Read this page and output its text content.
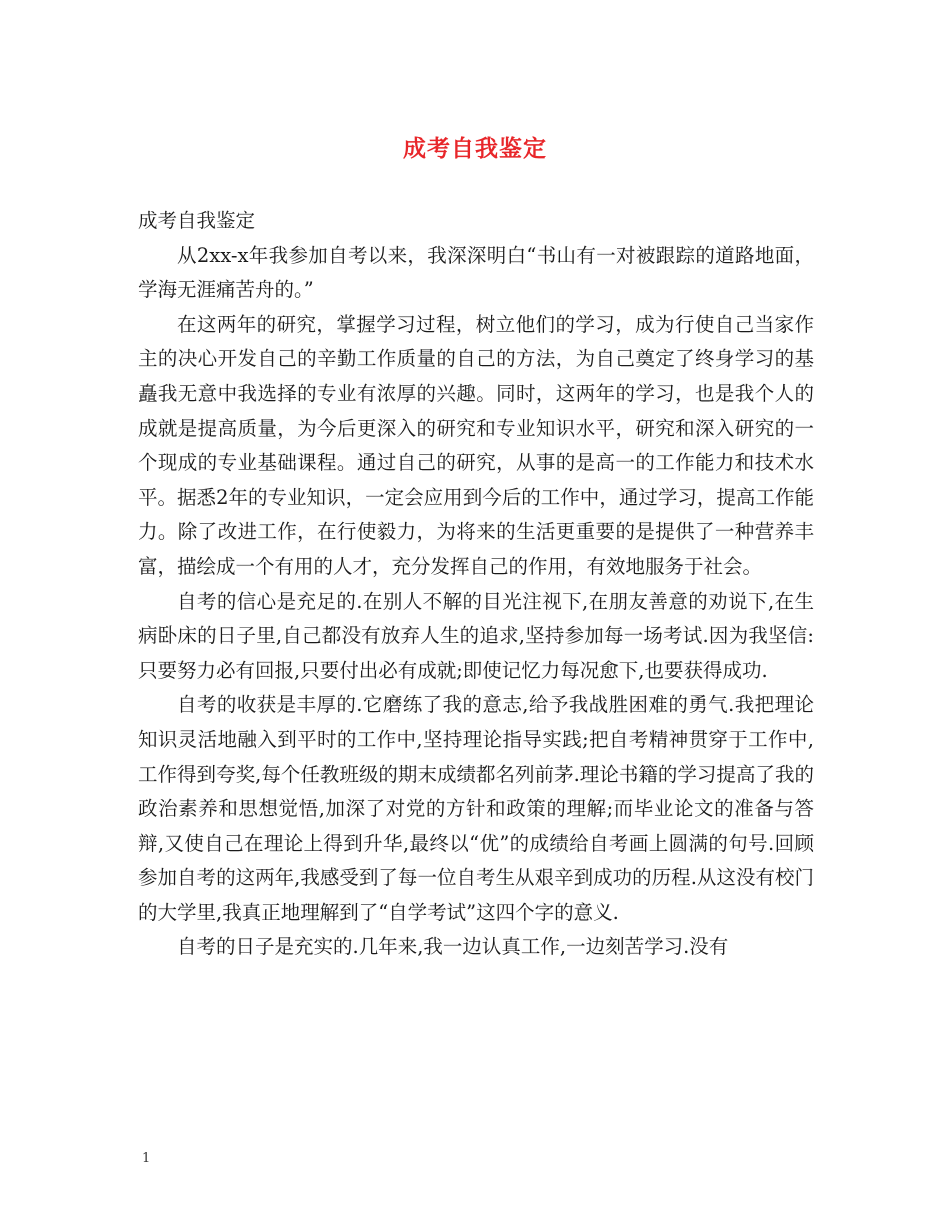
成考自我鉴定

成考自我鉴定

从2xx-x年我参加自考以来，我深深明白“书山有一对被跟踪的道路地面，学海无涯痛苦舟的。”

在这两年的研究，掌握学习过程，树立他们的学习，成为行使自己当家作主的决心开发自己的辛勤工作质量的自己的方法，为自己奠定了终身学习的基矗我无意中我选择的专业有浓厚的兴趣。同时，这两年的学习，也是我个人的成就是提高质量，为今后更深入的研究和专业知识水平，研究和深入研究的一个现成的专业基础课程。通过自己的研究，从事的是高一的工作能力和技术水平。据悉2年的专业知识，一定会应用到今后的工作中，通过学习，提高工作能力。除了改进工作，在行使毅力，为将来的生活更重要的是提供了一种营养丰富，描绘成一个有用的人才，充分发挥自己的作用，有效地服务于社会。

自考的信心是充足的.在别人不解的目光注视下,在朋友善意的劝说下,在生病卧床的日子里,自己都没有放弃人生的追求,坚持参加每一场考试.因为我坚信:只要努力必有回报,只要付出必有成就;即使记忆力每况愈下,也要获得成功.

自考的收获是丰厚的.它磨练了我的意志,给予我战胜困难的勇气.我把理论知识灵活地融入到平时的工作中,坚持理论指导实践;把自考精神贯穿于工作中,工作得到夸奖,每个任教班级的期末成绩都名列前茅.理论书籍的学习提高了我的政治素养和思想觉悟,加深了对党的方针和政策的理解;而毕业论文的准备与答辩,又使自己在理论上得到升华,最终以“优”的成绩给自考画上圆满的句号.回顾参加自考的这两年,我感受到了每一位自考生从艰辛到成功的历程.从这没有校门的大学里,我真正地理解到了“自学考试”这四个字的意义.

自考的日子是充实的.几年来,我一边认真工作,一边刻苦学习.没有

1
